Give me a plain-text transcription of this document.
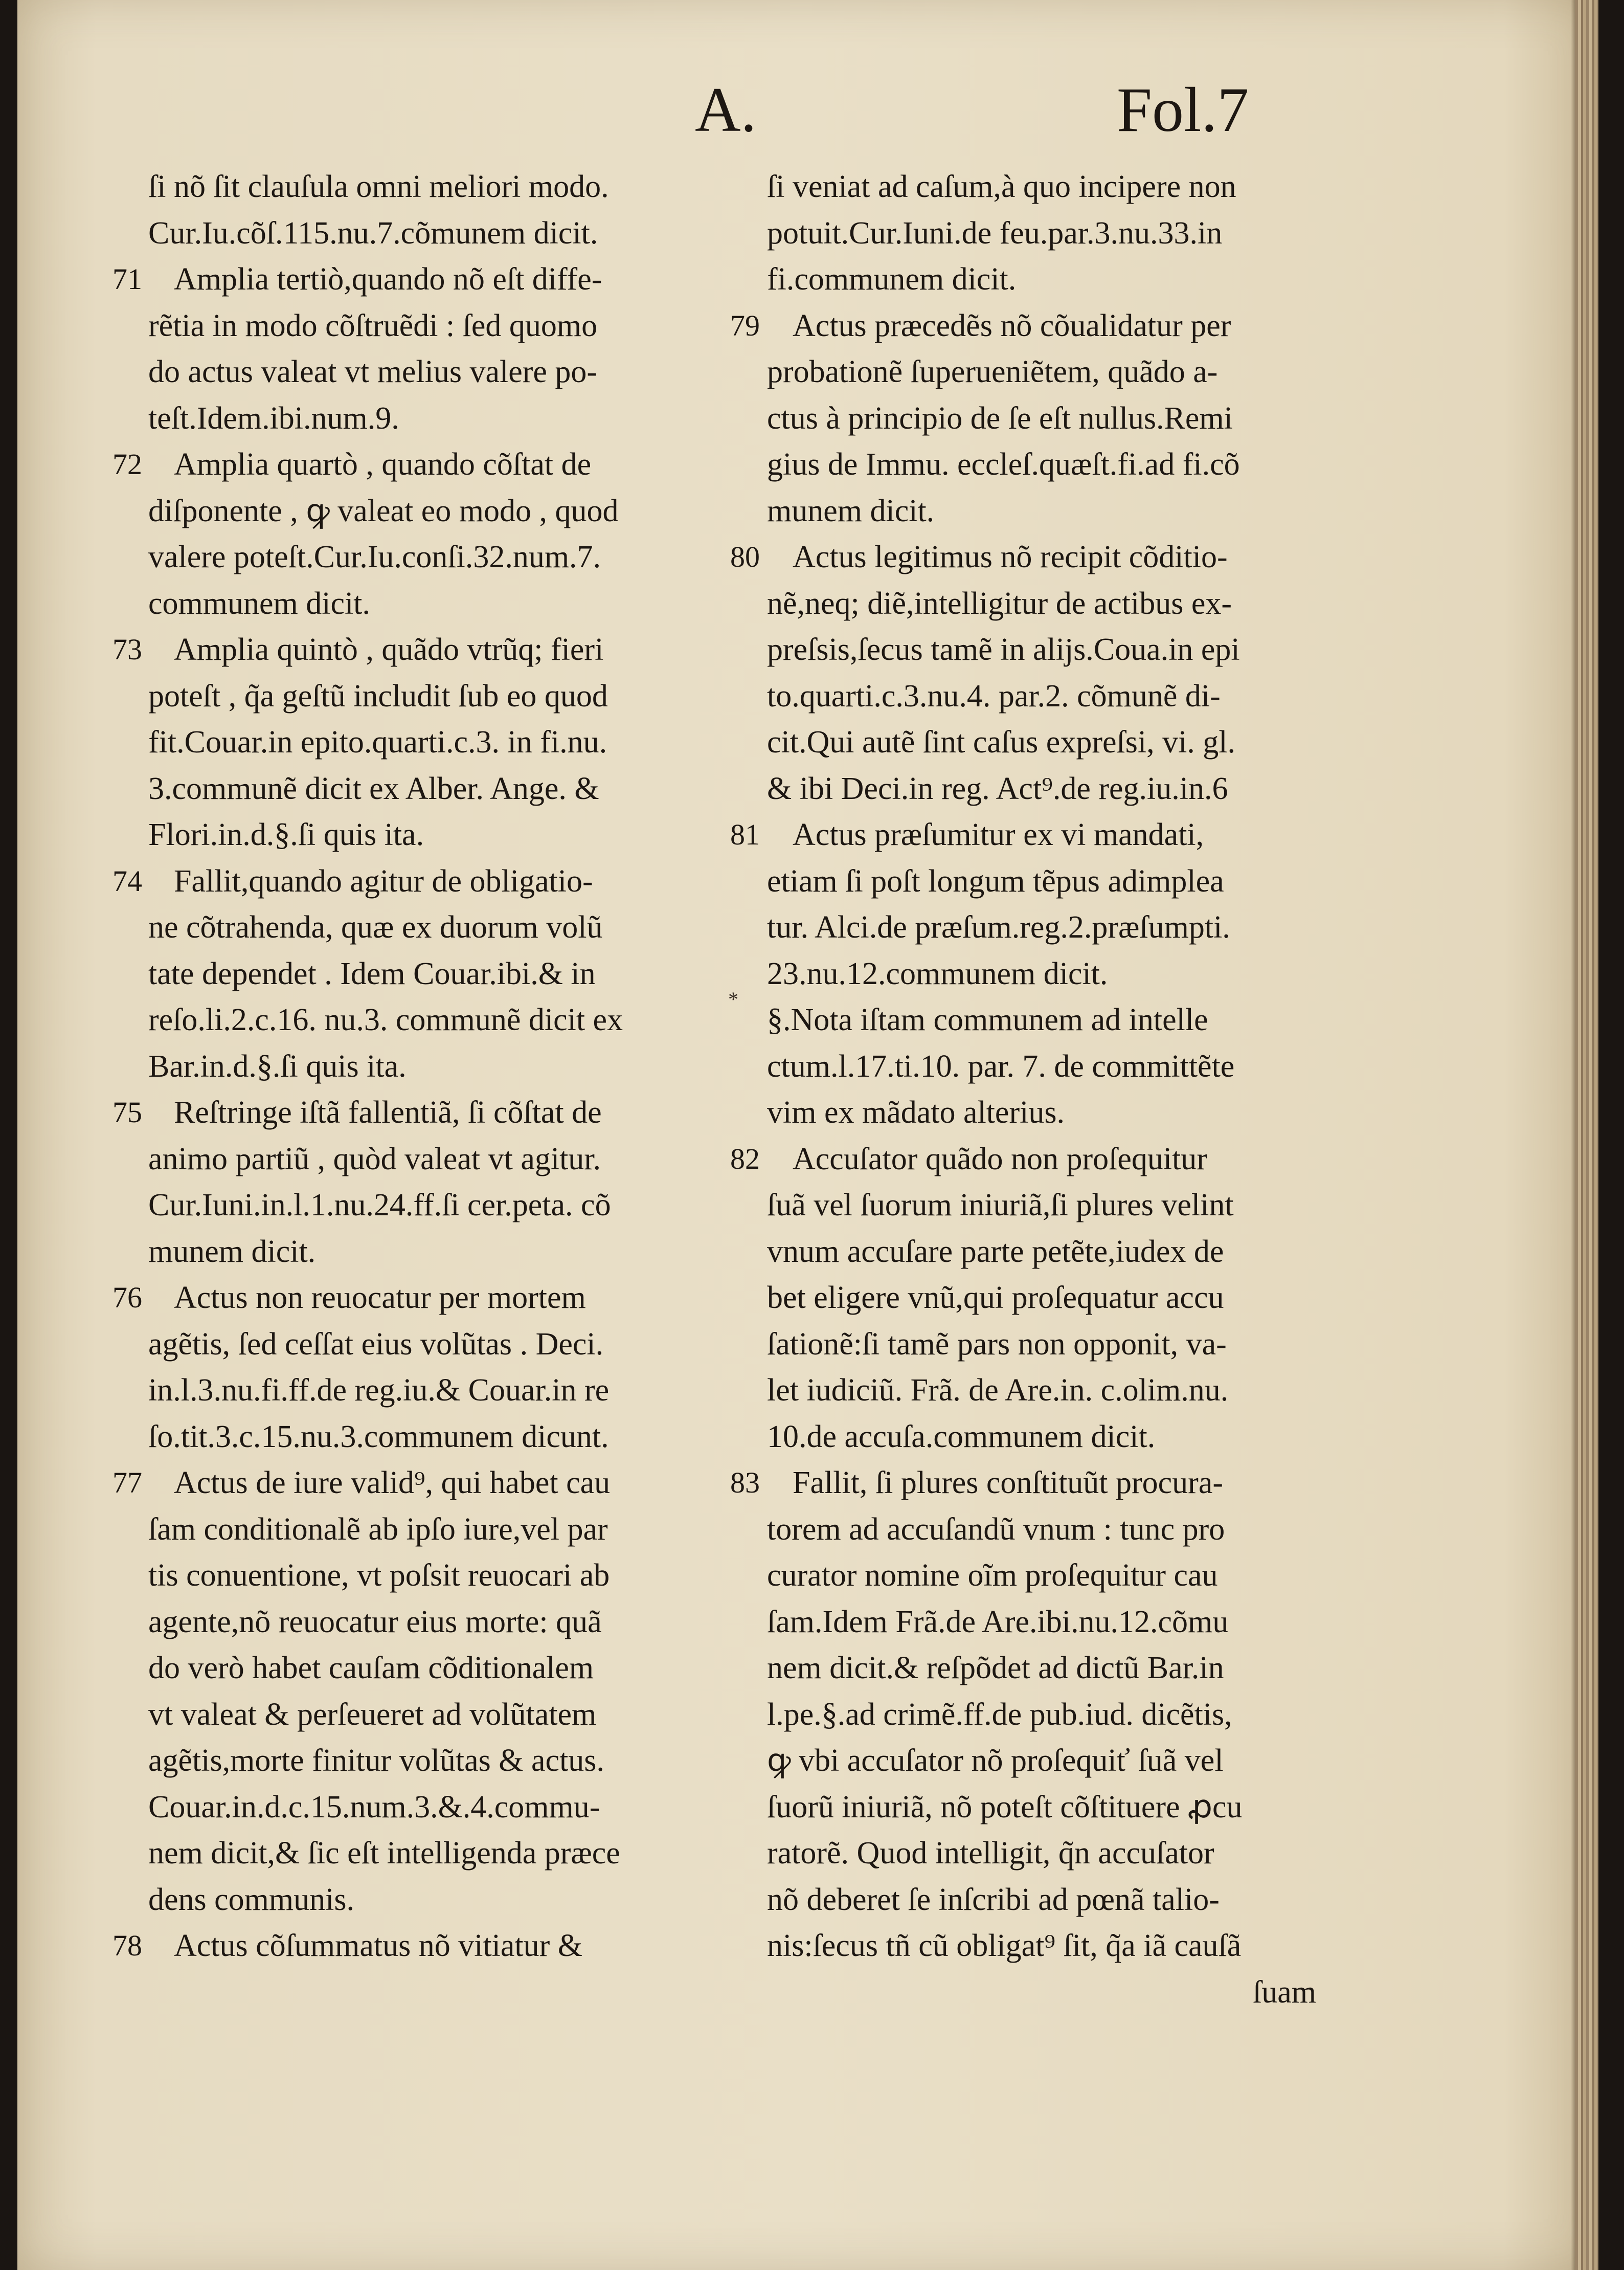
A.	Fol.7
ſi nõ ſit clauſula omni meliori modo.
Cur.Iu.cõſ.115.nu.7.cõmunem dicit.
71 Amplia tertiò,quando nõ eſt diffe-
rẽtia in modo cõſtruẽdi : ſed quomo
do actus valeat vt melius valere po-
teſt.Idem.ibi.num.9.
72 Amplia quartò , quando cõſtat de
diſponente , ꝙ valeat eo modo , quod
valere poteſt.Cur.Iu.conſi.32.num.7.
communem dicit.
73 Amplia quintò , quãdo vtrũq; fieri
poteſt , q̃a geſtũ includit ſub eo quod
fit.Couar.in epito.quarti.c.3. in fi.nu.
3.communẽ dicit ex Alber. Ange. &
Flori.in.d.§.ſi quis ita.
74 Fallit,quando agitur de obligatio-
ne cõtrahenda, quæ ex duorum volũ
tate dependet . Idem Couar.ibi.& in
reſo.li.2.c.16. nu.3. communẽ dicit ex
Bar.in.d.§.ſi quis ita.
75 Reſtringe iſtã fallentiã, ſi cõſtat de
animo partiũ , quòd valeat vt agitur.
Cur.Iuni.in.l.1.nu.24.ff.ſi cer.peta. cõ
munem dicit.
76 Actus non reuocatur per mortem
agẽtis, ſed ceſſat eius volũtas . Deci.
in.l.3.nu.fi.ff.de reg.iu.& Couar.in re
ſo.tit.3.c.15.nu.3.communem dicunt.
77 Actus de iure valid⁹, qui habet cau
ſam conditionalẽ ab ipſo iure,vel par
tis conuentione, vt poſsit reuocari ab
agente,nõ reuocatur eius morte: quã
do verò habet cauſam cõditionalem
vt valeat & perſeueret ad volũtatem
agẽtis,morte finitur volũtas & actus.
Couar.in.d.c.15.num.3.&.4.commu-
nem dicit,& ſic eſt intelligenda præce
dens communis.
78 Actus cõſummatus nõ vitiatur &
ſi veniat ad caſum,à quo incipere non
potuit.Cur.Iuni.de feu.par.3.nu.33.in
fi.communem dicit.
79 Actus præcedẽs nõ cõualidatur per
probationẽ ſuperueniẽtem, quãdo a-
ctus à principio de ſe eſt nullus.Remi
gius de Immu. eccleſ.quæſt.fi.ad fi.cõ
munem dicit.
80 Actus legitimus nõ recipit cõditio-
nẽ,neq; diẽ,intelligitur de actibus ex-
preſsis,ſecus tamẽ in alijs.Coua.in epi
to.quarti.c.3.nu.4. par.2. cõmunẽ di-
cit.Qui autẽ ſint caſus expreſsi, vi. gl.
& ibi Deci.in reg. Act⁹.de reg.iu.in.6
81 Actus præſumitur ex vi mandati,
etiam ſi poſt longum tẽpus adimplea
tur. Alci.de præſum.reg.2.præſumpti.
23.nu.12.communem dicit.
§.Nota iſtam communem ad intelle
ctum.l.17.ti.10. par. 7. de committẽte
vim ex mãdato alterius.
82 Accuſator quãdo non proſequitur
ſuã vel ſuorum iniuriã,ſi plures velint
vnum accuſare parte petẽte,iudex de
bet eligere vnũ,qui proſequatur accu
ſationẽ:ſi tamẽ pars non opponit, va-
let iudiciũ. Frã. de Are.in. c.olim.nu.
10.de accuſa.communem dicit.
83 Fallit, ſi plures conſtituũt procura-
torem ad accuſandũ vnum : tunc pro
curator nomine oĩm proſequitur cau
ſam.Idem Frã.de Are.ibi.nu.12.cõmu
nem dicit.& reſpõdet ad dictũ Bar.in
l.pe.§.ad crimẽ.ff.de pub.iud. dicẽtis,
ꝙ vbi accuſator nõ proſequiť ſuã vel
ſuorũ iniuriã, nõ poteſt cõſtituere ꝓcu
ratorẽ. Quod intelligit, q̃n accuſator
nõ deberet ſe inſcribi ad pœnã talio-
nis:ſecus tñ cũ obligat⁹ ſit, q̃a iã cauſã
ſuam
*
